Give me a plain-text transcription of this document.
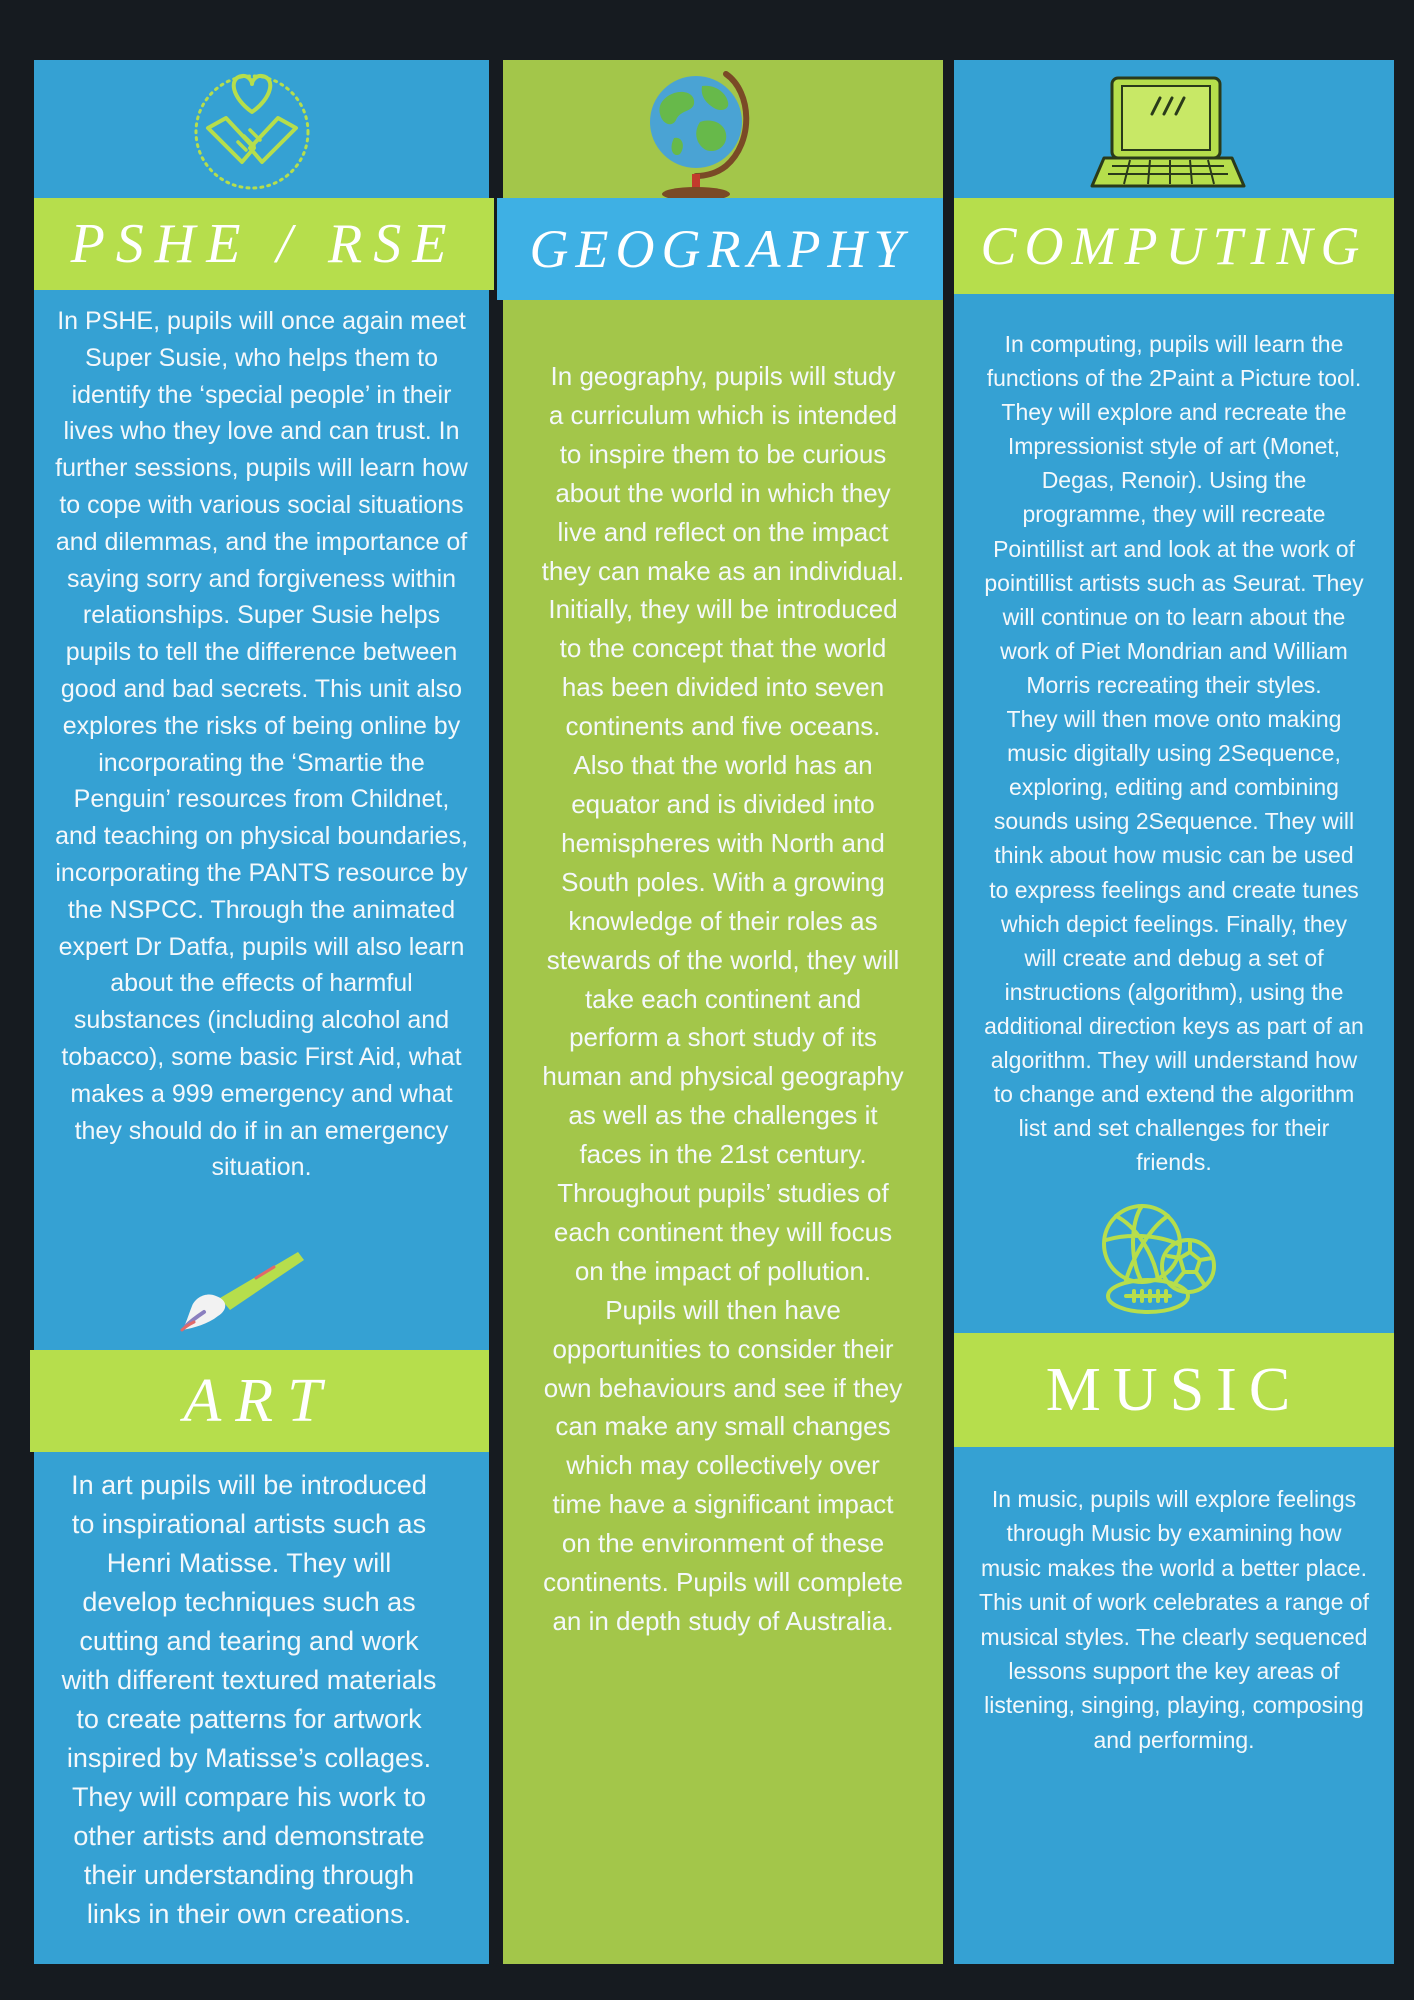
PSHE / RSE
In PSHE, pupils will once again meet
Super Susie, who helps them to
identify the ‘special people’ in their
lives who they love and can trust. In
further sessions, pupils will learn how
to cope with various social situations
and dilemmas, and the importance of
saying sorry and forgiveness within
relationships. Super Susie helps
pupils to tell the difference between
good and bad secrets. This unit also
explores the risks of being online by
incorporating the ‘Smartie the
Penguin’ resources from Childnet,
and teaching on physical boundaries,
incorporating the PANTS resource by
the NSPCC. Through the animated
expert Dr Datfa, pupils will also learn
about the effects of harmful
substances (including alcohol and
tobacco), some basic First Aid, what
makes a 999 emergency and what
they should do if in an emergency
situation.
ART
In art pupils will be introduced
to inspirational artists such as
Henri Matisse. They will
develop techniques such as
cutting and tearing and work
with different textured materials
to create patterns for artwork
inspired by Matisse’s collages.
They will compare his work to
other artists and demonstrate
their understanding through
links in their own creations.
GEOGRAPHY
In geography, pupils will study
a curriculum which is intended
to inspire them to be curious
about the world in which they
live and reflect on the impact
they can make as an individual.
Initially, they will be introduced
to the concept that the world
has been divided into seven
continents and five oceans.
Also that the world has an
equator and is divided into
hemispheres with North and
South poles. With a growing
knowledge of their roles as
stewards of the world, they will
take each continent and
perform a short study of its
human and physical geography
as well as the challenges it
faces in the 21st century.
Throughout pupils’ studies of
each continent they will focus
on the impact of pollution.
Pupils will then have
opportunities to consider their
own behaviours and see if they
can make any small changes
which may collectively over
time have a significant impact
on the environment of these
continents. Pupils will complete
an in depth study of Australia.
COMPUTING
In computing, pupils will learn the
functions of the 2Paint a Picture tool.
They will explore and recreate the
Impressionist style of art (Monet,
Degas, Renoir). Using the
programme, they will recreate
Pointillist art and look at the work of
pointillist artists such as Seurat. They
will continue on to learn about the
work of Piet Mondrian and William
Morris recreating their styles.
They will then move onto making
music digitally using 2Sequence,
exploring, editing and combining
sounds using 2Sequence. They will
think about how music can be used
to express feelings and create tunes
which depict feelings. Finally, they
will create and debug a set of
instructions (algorithm), using the
additional direction keys as part of an
algorithm. They will understand how
to change and extend the algorithm
list and set challenges for their
friends.
MUSIC
In music, pupils will explore feelings
through Music by examining how
music makes the world a better place.
This unit of work celebrates a range of
musical styles. The clearly sequenced
lessons support the key areas of
listening, singing, playing, composing
and performing.
